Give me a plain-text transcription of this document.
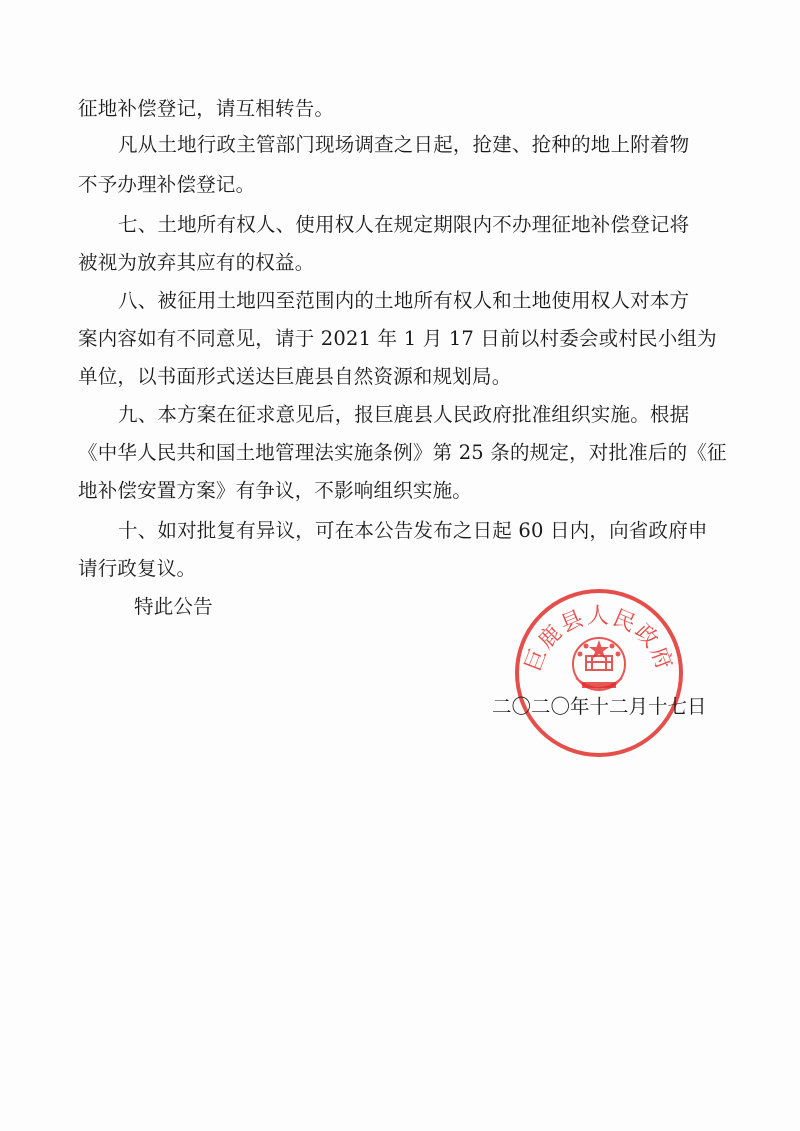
征地补偿登记，请互相转告。
凡从土地行政主管部门现场调查之日起，抢建、抢种的地上附着物
不予办理补偿登记。
七、土地所有权人、使用权人在规定期限内不办理征地补偿登记将
被视为放弃其应有的权益。
八、被征用土地四至范围内的土地所有权人和土地使用权人对本方
案内容如有不同意见，请于 2021 年 1 月 17 日前以村委会或村民小组为
单位，以书面形式送达巨鹿县自然资源和规划局。
九、本方案在征求意见后，报巨鹿县人民政府批准组织实施。根据
《中华人民共和国土地管理法实施条例》第 25 条的规定，对批准后的《征
地补偿安置方案》有争议，不影响组织实施。
十、如对批复有异议，可在本公告发布之日起 60 日内，向省政府申
请行政复议。
特此公告
巨鹿县人民政府
二〇二〇年十二月十七日
